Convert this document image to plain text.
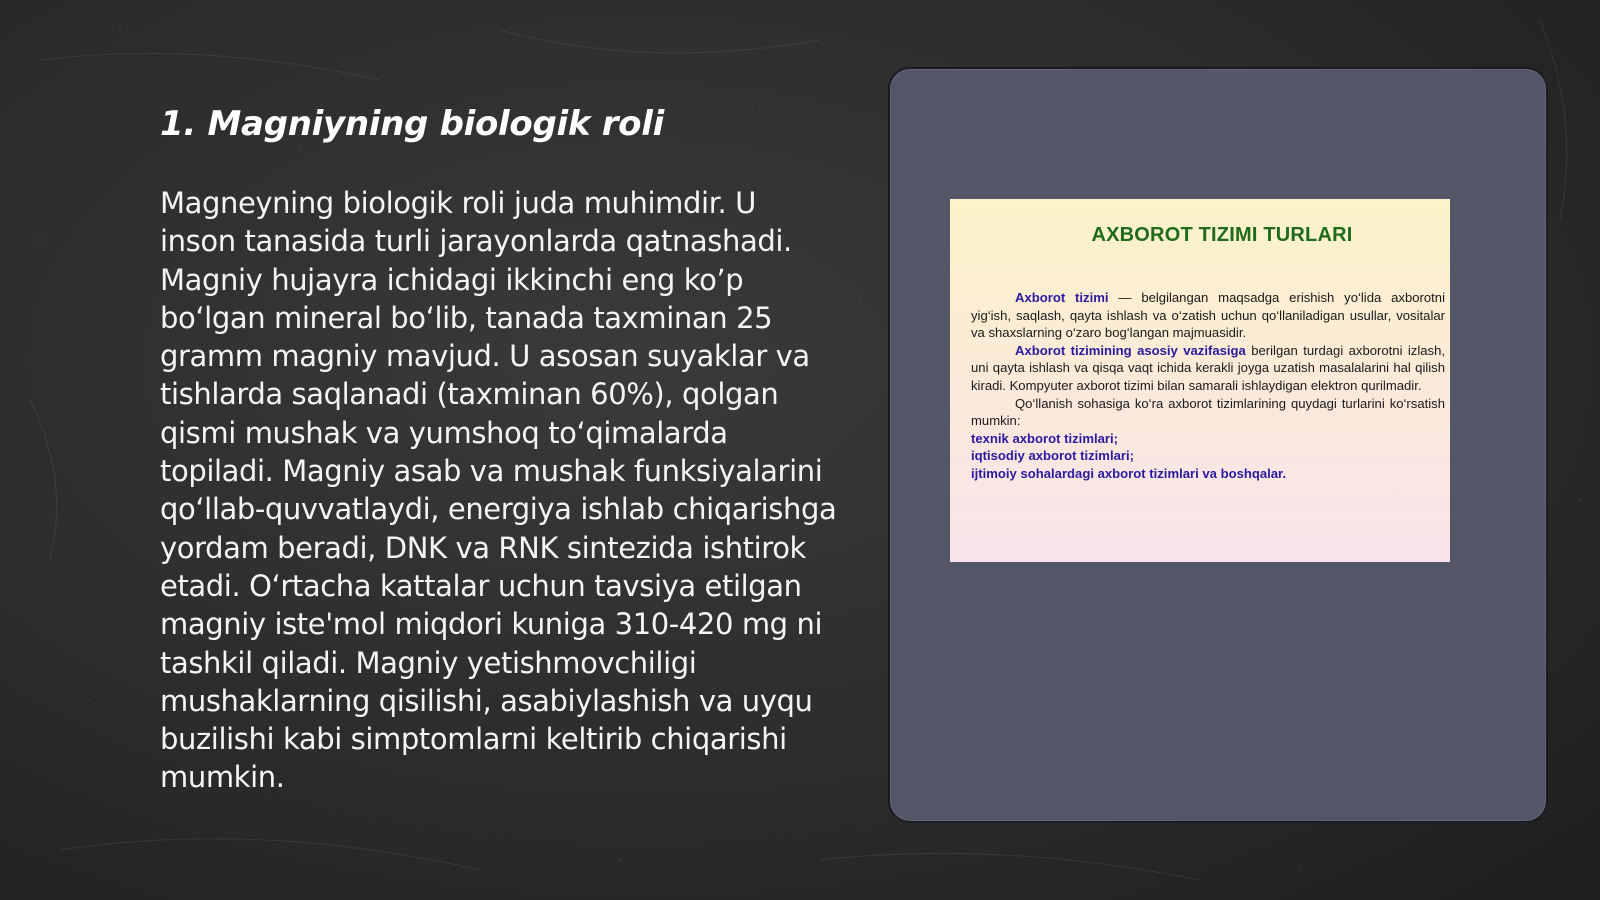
1. Magniyning biologik roli
Magneyning biologik roli juda muhimdir. U inson tanasida turli jarayonlarda qatnashadi. Magniy hujayra ichidagi ikkinchi eng ko’p bo‘lgan mineral bo‘lib, tanada taxminan 25 gramm magniy mavjud. U asosan suyaklar va tishlarda saqlanadi (taxminan 60%), qolgan qismi mushak va yumshoq to‘qimalarda topiladi. Magniy asab va mushak funksiyalarini qo‘llab-quvvatlaydi, energiya ishlab chiqarishga yordam beradi, DNK va RNK sintezida ishtirok etadi. O‘rtacha kattalar uchun tavsiya etilgan magniy iste'mol miqdori kuniga 310-420 mg ni tashkil qiladi. Magniy yetishmovchiligi mushaklarning qisilishi, asabiylashish va uyqu buzilishi kabi simptomlarni keltirib chiqarishi mumkin.
AXBOROT TIZIMI TURLARI

Axborot tizimi — belgilangan maqsadga erishish yo‘lida axborotni yig‘ish, saqlash, qayta ishlash va o‘zatish uchun qo‘llaniladigan usullar, vositalar va shaxslarning o‘zaro bog‘langan majmuasidir.

Axborot tizimining asosiy vazifasiga berilgan turdagi axborotni izlash, uni qayta ishlash va qisqa vaqt ichida kerakli joyga uzatish masalalarini hal qilish kiradi. Kompyuter axborot tizimi bilan samarali ishlaydigan elektron qurilmadir.

Qo‘llanish sohasiga ko‘ra axborot tizimlarining quydagi turlarini ko‘rsatish mumkin:

texnik axborot tizimlari;
iqtisodiy axborot tizimlari;
ijtimoiy sohalardagi axborot tizimlari va boshqalar.
